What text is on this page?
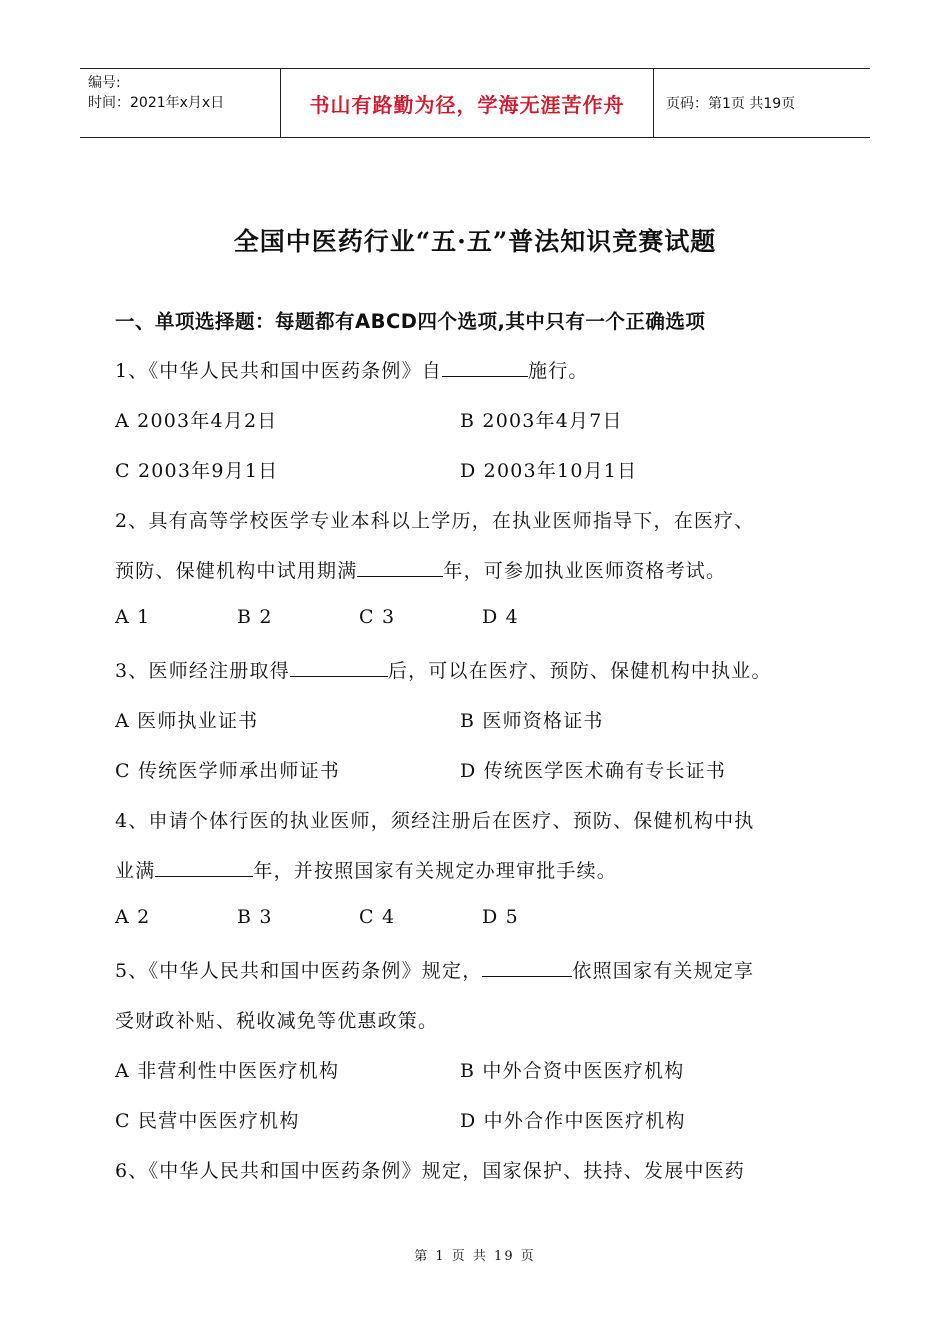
编号:
时间：2021年x月x日	书山有路勤为径，学海无涯苦作舟	页码：第1页 共19页
全国中医药行业“五·五”普法知识竞赛试题
一、单项选择题：每题都有ABCD四个选项,其中只有一个正确选项
1、《中华人民共和国中医药条例》自	施行。
A 2003年4月2日	B 2003年4月7日
C 2003年9月1日	D 2003年10月1日
2、具有高等学校医学专业本科以上学历，在执业医师指导下，在医疗、
预防、保健机构中试用期满	年，可参加执业医师资格考试。
A 1	B 2	C 3	D 4
3、医师经注册取得	后，可以在医疗、预防、保健机构中执业。
A 医师执业证书	B 医师资格证书
C 传统医学师承出师证书	D 传统医学医术确有专长证书
4、申请个体行医的执业医师，须经注册后在医疗、预防、保健机构中执
业满	年，并按照国家有关规定办理审批手续。
A 2	B 3	C 4	D 5
5、《中华人民共和国中医药条例》规定，	依照国家有关规定享
受财政补贴、税收减免等优惠政策。
A 非营利性中医医疗机构	B 中外合资中医医疗机构
C 民营中医医疗机构	D 中外合作中医医疗机构
6、《中华人民共和国中医药条例》规定，国家保护、扶持、发展中医药
第 1 页 共 19 页
